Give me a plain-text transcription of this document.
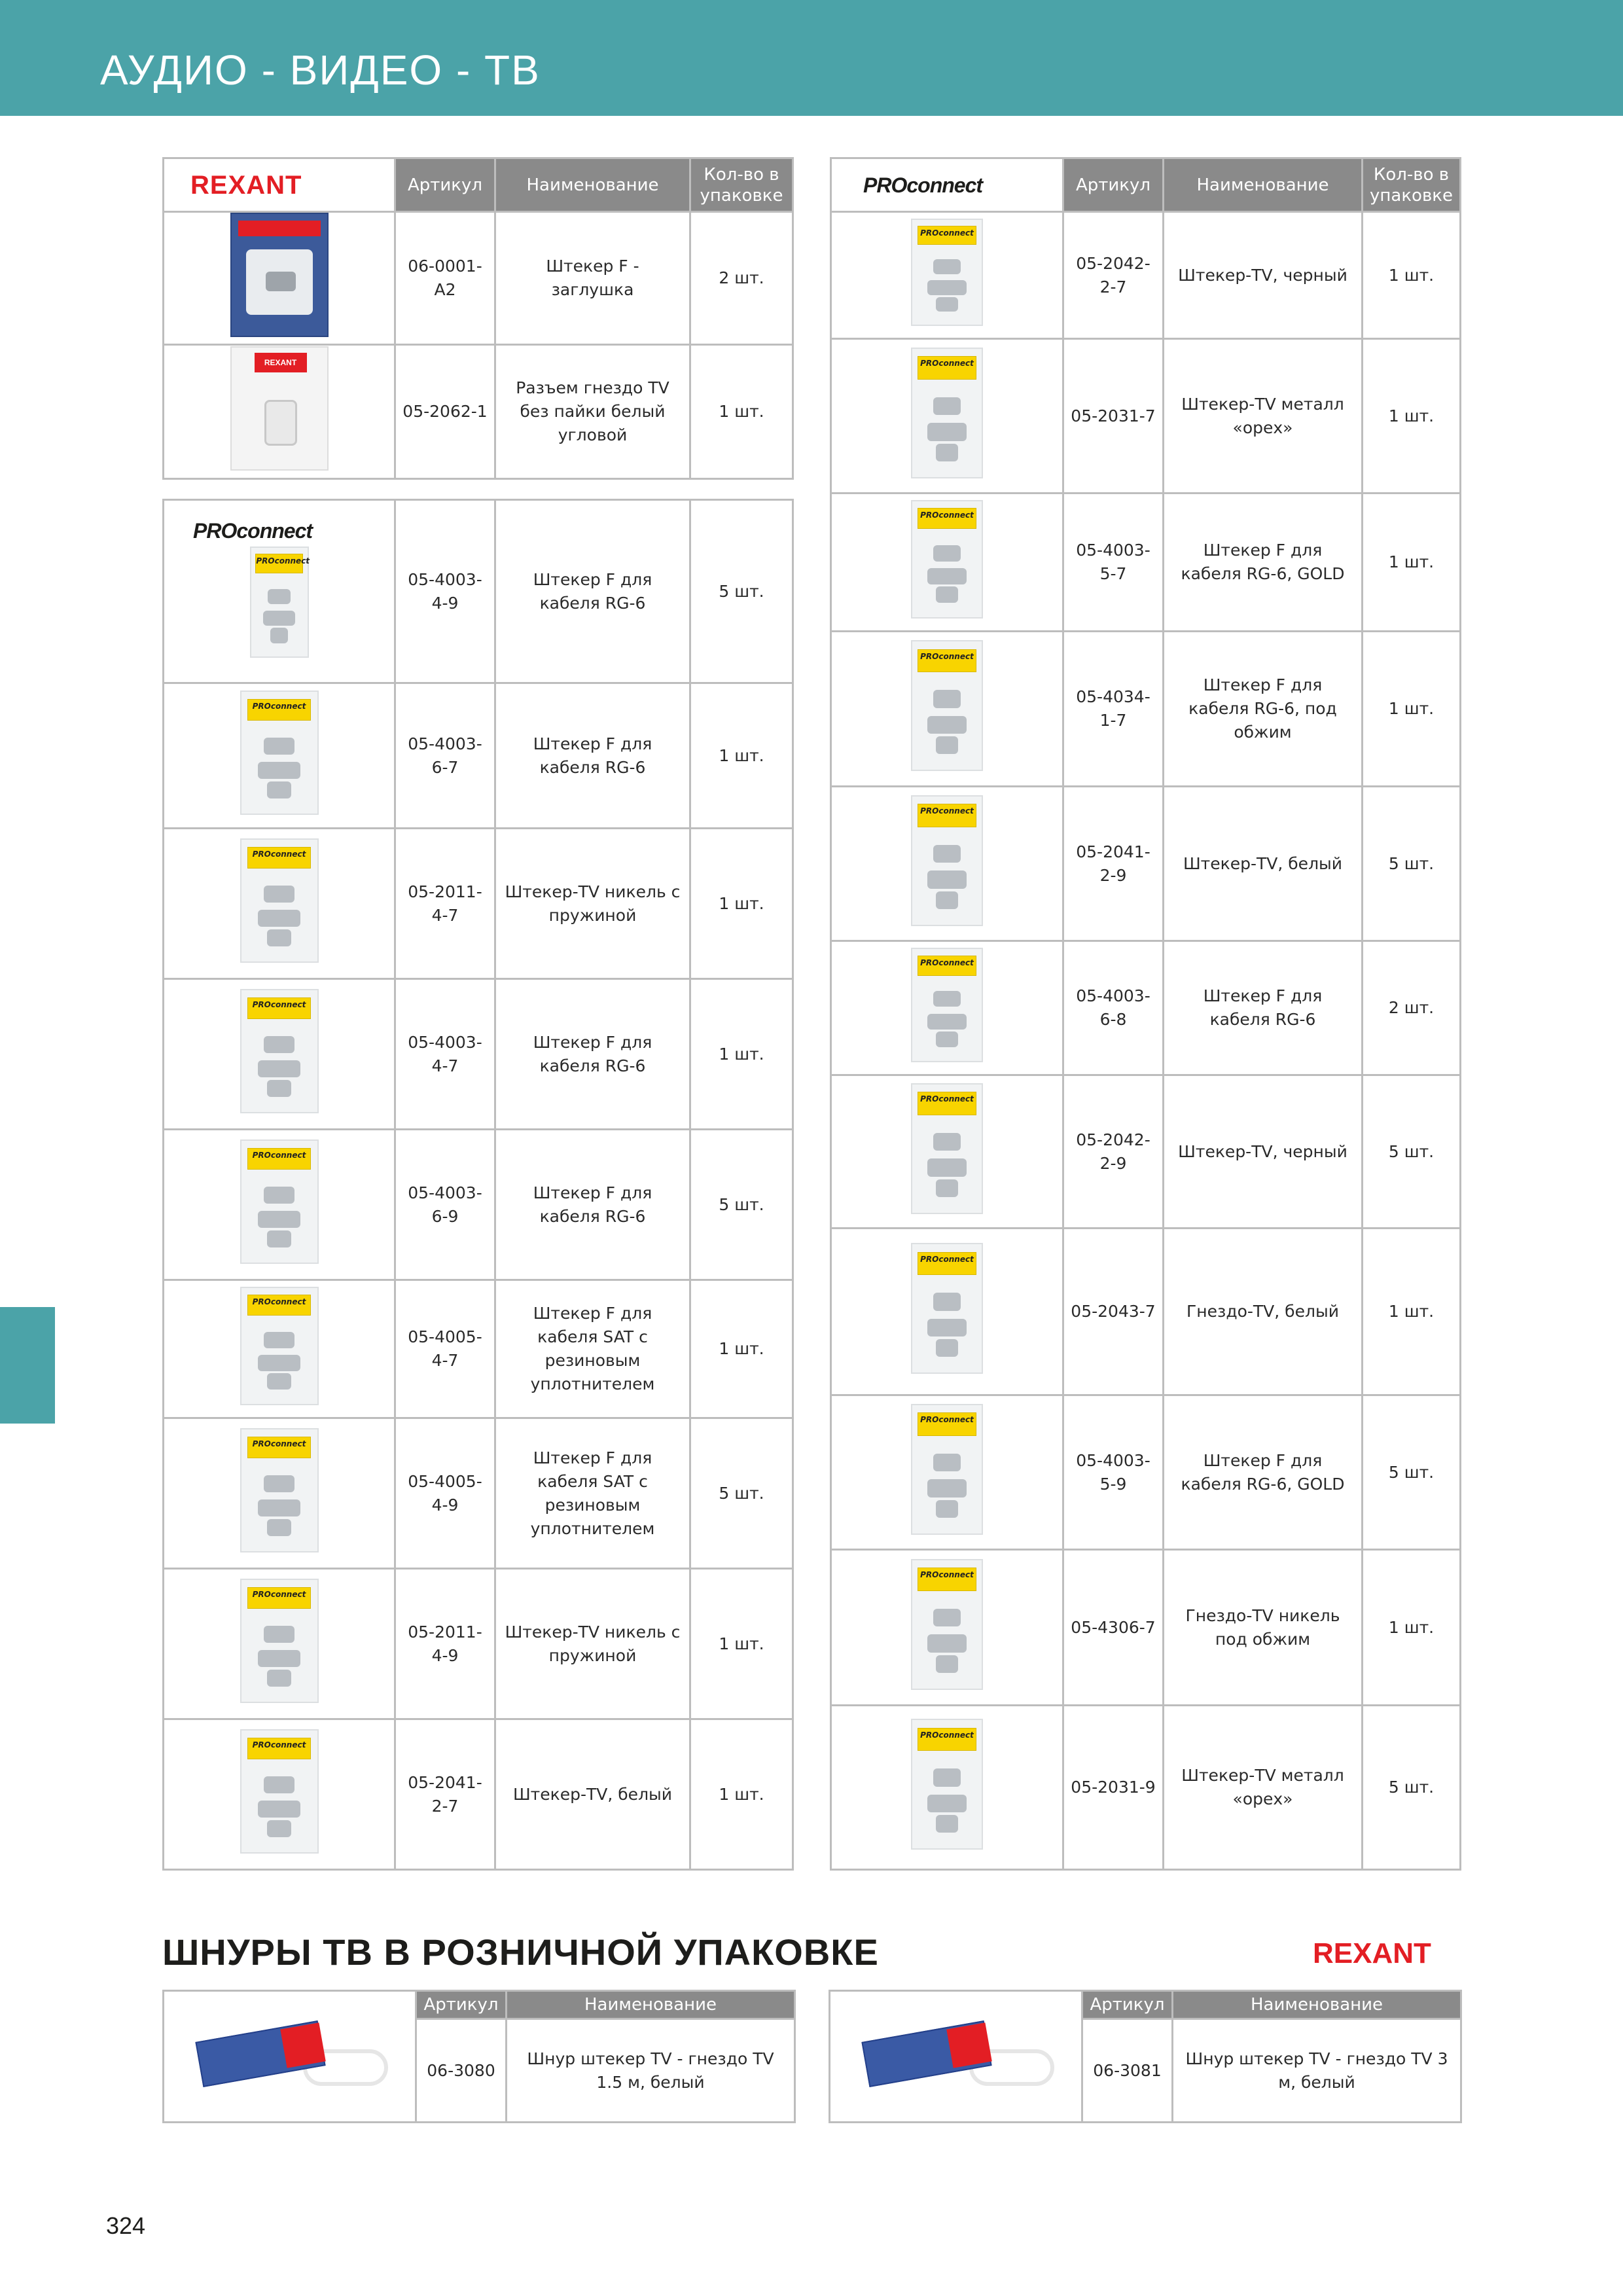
АУДИО - ВИДЕО - ТВ
REXANT	Артикул	Наименование	Кол-во в упаковке

	06-0001-A2	Штекер F - заглушка	2 шт.

REXANT	05-2062-1	Разъем гнездо TV без пайки белый угловой	1 шт.
PROconnect
PROconnect	05-4003-4-9	Штекер F для кабеля RG-6	5 шт.

PROconnect	05-4003-6-7	Штекер F для кабеля RG-6	1 шт.

PROconnect	05-2011-4-7	Штекер-TV никель с пружиной	1 шт.

PROconnect	05-4003-4-7	Штекер F для кабеля RG-6	1 шт.

PROconnect	05-4003-6-9	Штекер F для кабеля RG-6	5 шт.

PROconnect	05-4005-4-7	Штекер F для кабеля SAT с резиновым уплотнителем	1 шт.

PROconnect	05-4005-4-9	Штекер F для кабеля SAT с резиновым уплотнителем	5 шт.

PROconnect	05-2011-4-9	Штекер-TV никель с пружиной	1 шт.

PROconnect	05-2041-2-7	Штекер-TV, белый	1 шт.
PROconnect	Артикул	Наименование	Кол-во в упаковке

PROconnect	05-2042-2-7	Штекер-TV, черный	1 шт.

PROconnect	05-2031-7	Штекер-TV металл «орех»	1 шт.

PROconnect	05-4003-5-7	Штекер F для кабеля RG-6, GOLD	1 шт.

PROconnect	05-4034-1-7	Штекер F для кабеля RG-6, под обжим	1 шт.

PROconnect	05-2041-2-9	Штекер-TV, белый	5 шт.

PROconnect	05-4003-6-8	Штекер F для кабеля RG-6	2 шт.

PROconnect	05-2042-2-9	Штекер-TV, черный	5 шт.

PROconnect	05-2043-7	Гнездо-TV, белый	1 шт.

PROconnect	05-4003-5-9	Штекер F для кабеля RG-6, GOLD	5 шт.

PROconnect	05-4306-7	Гнездо-TV никель под обжим	1 шт.

PROconnect	05-2031-9	Штекер-TV металл «орех»	5 шт.
ШНУРЫ ТВ В РОЗНИЧНОЙ УПАКОВКЕ	REXANT
	Артикул	Наименование
	06-3080	Шнур штекер TV - гнездо TV 1.5 м, белый
	Артикул	Наименование
	06-3081	Шнур штекер TV - гнездо TV 3 м, белый
324
